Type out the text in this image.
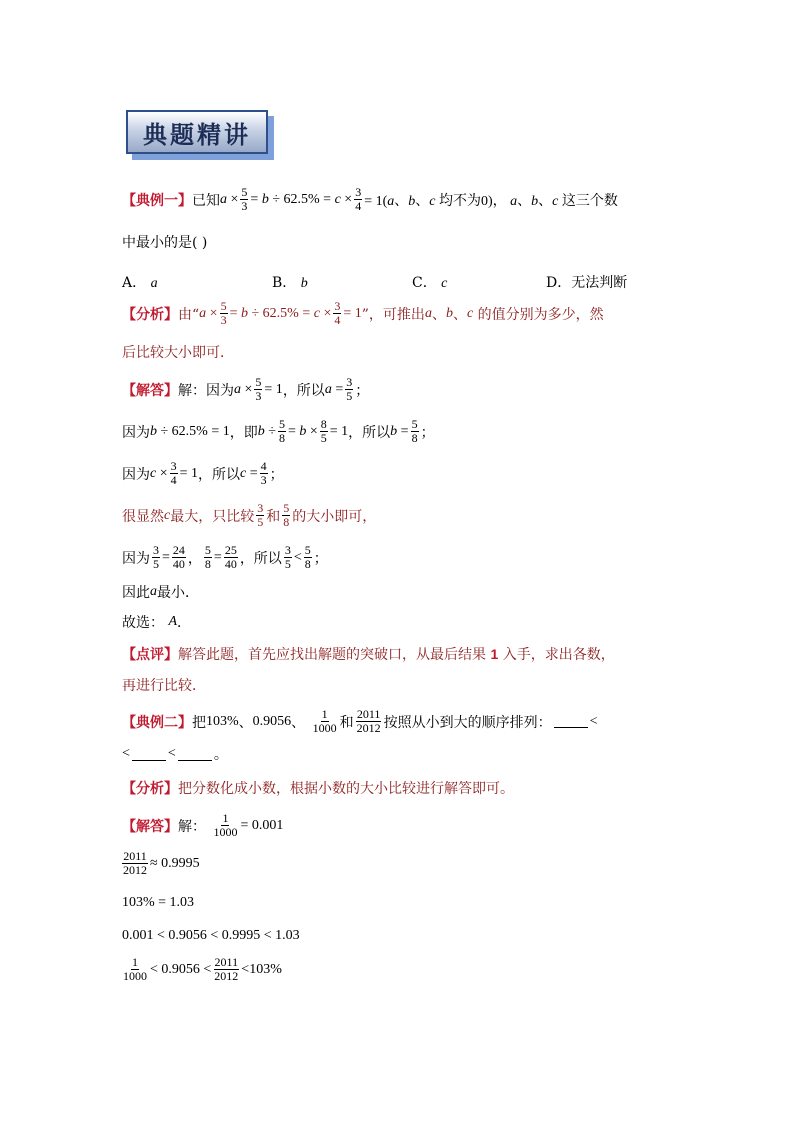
典题精讲
【典例一】 已知 $a \times \frac{5}{3} = b \div 62.5\% = c \times \frac{3}{4} = 1(a$、b、c 均不为 0)， a、b、c 这三个数
中最小的是( )
A． a	B． b	C． c	D．无法判断
【分析】 由“ $a \times \frac{5}{3} = b \div 62.5\% = c \times \frac{3}{4} = 1$ ”，可推出 a 、 b 、 c
的值分别为多少，然
后比较大小即可．
【解答】 解：因为 $a \times \frac{5}{3} = 1$ ，所以 $a = \frac{3}{5}$ ；
因为 b ÷ 62.5% = 1 ，即 $b \div \frac{5}{8} = b \times \frac{8}{5} = 1$ ，所以 $b = \frac{5}{8}$ ；
因为 $c \times \frac{3}{4} = 1$ ，所以 $c = \frac{4}{3}$ ；
很显然 c 最大，只比较 $\frac{3}{5}$ 和 $\frac{5}{8}$ 的大小即可，
因为 $\frac{3}{5} = \frac{24}{40}$ ， $\frac{5}{8} = \frac{25}{40}$ ，所以 $\frac{3}{5} < \frac{5}{8}$ ；
因此 a 最小．
故选：
A ．
【点评】 解答此题，首先应找出解题的突破口，从最后结果
1
入手，求出各数，
再进行比较．
【典例二】 把 103% 、 0.9056 、 $\frac{1}{1000}$ 和 $\frac{2011}{2012}$ 按照从小到大的顺序排列：	<
<	<	。
【分析】 把分数化成小数，根据小数的大小比较进行解答即可。
【解答】 解：
$\frac{1}{1000} = 0.001$
$\frac{2011}{2012} \approx 0.9995$
103% = 1.03
0.001 < 0.9056 < 0.9995 < 1.03
$\frac{1}{1000} < 0.9056 < \frac{2011}{2012} <103\%$
